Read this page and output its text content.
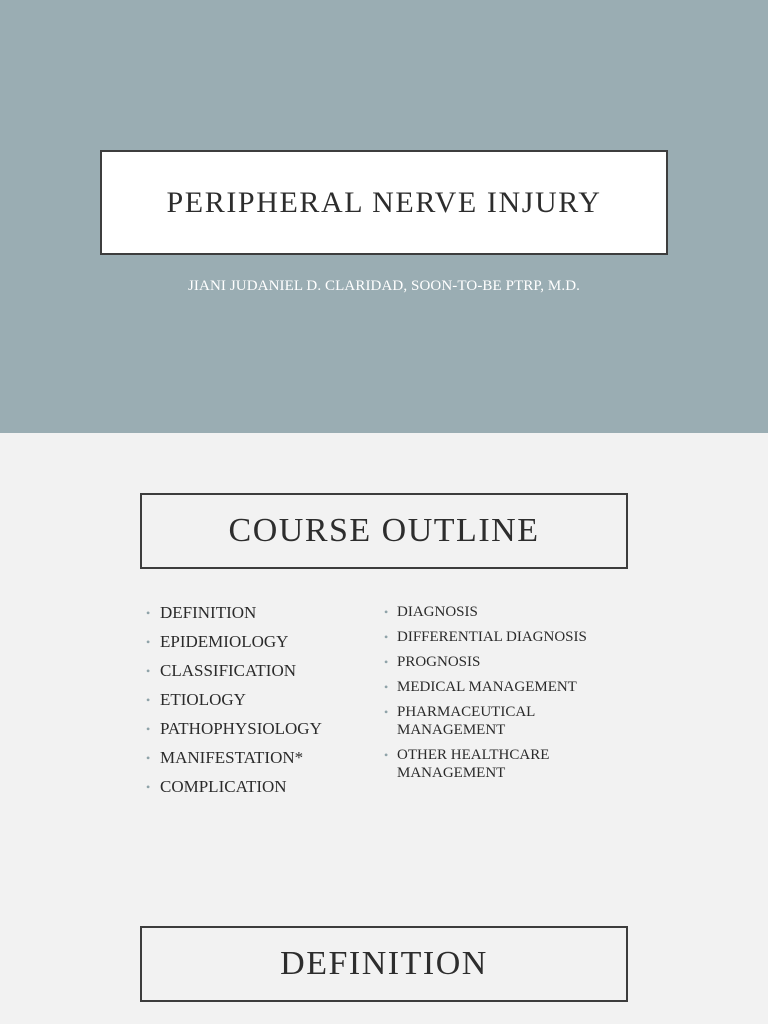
PERIPHERAL NERVE INJURY
JIANI JUDANIEL D. CLARIDAD, SOON-TO-BE PTRP, M.D.
COURSE OUTLINE
• DEFINITION
• EPIDEMIOLOGY
• CLASSIFICATION
• ETIOLOGY
• PATHOPHYSIOLOGY
• MANIFESTATION*
• COMPLICATION
• DIAGNOSIS
• DIFFERENTIAL DIAGNOSIS
• PROGNOSIS
• MEDICAL MANAGEMENT
• PHARMACEUTICAL MANAGEMENT
• OTHER HEALTHCARE MANAGEMENT
DEFINITION
